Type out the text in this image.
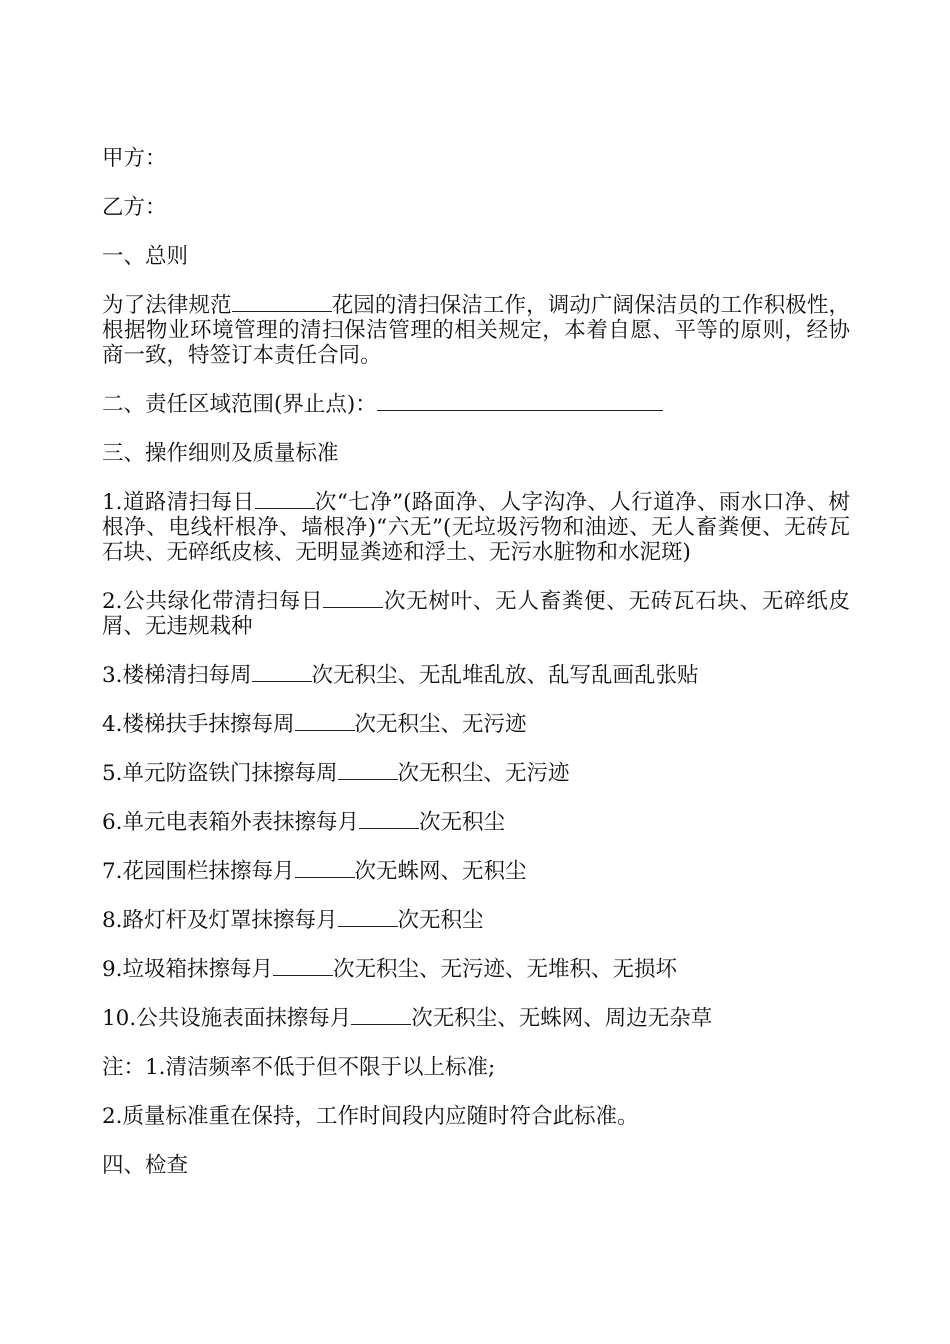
甲方：

乙方：

一、总则

为了法律规范	花园的清扫保洁工作，调动广阔保洁员的工作积极性，根据物业环境管理的清扫保洁管理的相关规定，本着自愿、平等的原则，经协商一致，特签订本责任合同。

二、责任区域范围(界止点)：

三、操作细则及质量标准

1.道路清扫每日	次“七净”(路面净、人字沟净、人行道净、雨水口净、树根净、电线杆根净、墙根净)“六无”(无垃圾污物和油迹、无人畜粪便、无砖瓦石块、无碎纸皮核、无明显粪迹和浮土、无污水脏物和水泥斑)

2.公共绿化带清扫每日	次无树叶、无人畜粪便、无砖瓦石块、无碎纸皮屑、无违规栽种

3.楼梯清扫每周	次无积尘、无乱堆乱放、乱写乱画乱张贴

4.楼梯扶手抹擦每周	次无积尘、无污迹

5.单元防盗铁门抹擦每周	次无积尘、无污迹

6.单元电表箱外表抹擦每月	次无积尘

7.花园围栏抹擦每月	次无蛛网、无积尘

8.路灯杆及灯罩抹擦每月	次无积尘

9.垃圾箱抹擦每月	次无积尘、无污迹、无堆积、无损坏

10.公共设施表面抹擦每月	次无积尘、无蛛网、周边无杂草

注：1.清洁频率不低于但不限于以上标准;

2.质量标准重在保持，工作时间段内应随时符合此标准。

四、检查
